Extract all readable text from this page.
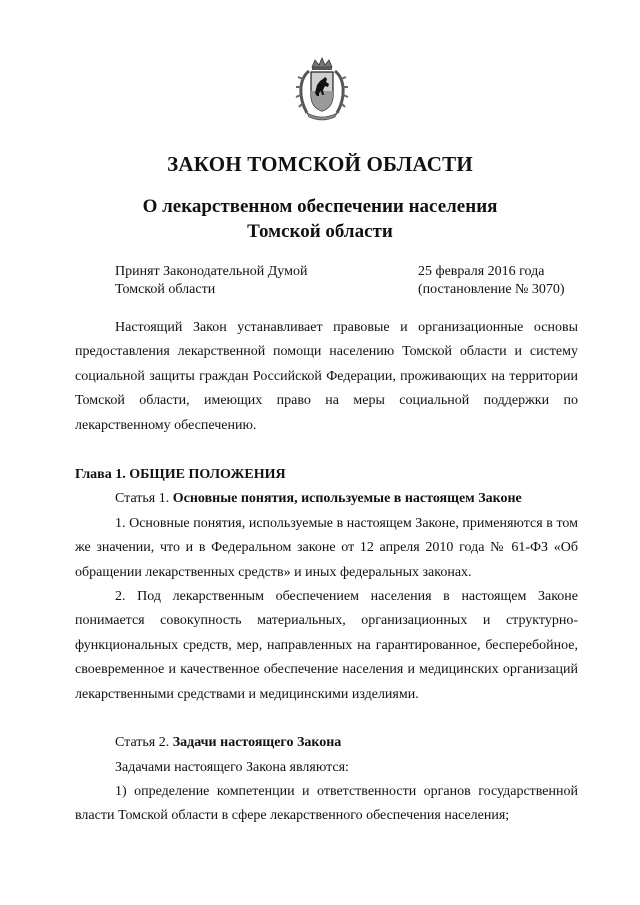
ЗАКОН ТОМСКОЙ ОБЛАСТИ
О лекарственном обеспечении населения
Томской области
Принят Законодательной Думой
Томской области
25 февраля 2016 года
(постановление № 3070)

Настоящий Закон устанавливает правовые и организационные основы предоставления лекарственной помощи населению Томской области и систему социальной защиты граждан Российской Федерации, проживающих на территории Томской области, имеющих право на меры социальной поддержки по лекарственному обеспечению.

Глава 1. ОБЩИЕ ПОЛОЖЕНИЯ

Статья 1. Основные понятия, используемые в настоящем Законе

1. Основные понятия, используемые в настоящем Законе, применяются в том же значении, что и в Федеральном законе от 12 апреля 2010 года № 61-ФЗ «Об обращении лекарственных средств» и иных федеральных законах.

2. Под лекарственным обеспечением населения в настоящем Законе понимается совокупность материальных, организационных и структурно-функциональных средств, мер, направленных на гарантированное, бесперебойное, своевременное и качественное обеспечение населения и медицинских организаций лекарственными средствами и медицинскими изделиями.

Статья 2. Задачи настоящего Закона

Задачами настоящего Закона являются:

1) определение компетенции и ответственности органов государственной власти Томской области в сфере лекарственного обеспечения населения;
